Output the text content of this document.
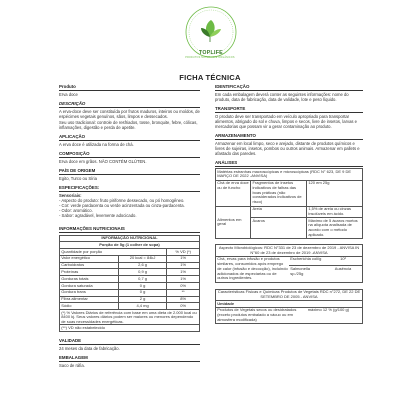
TOPLIFE
PRODUTOS NATURAIS E ORGÂNICOS
FICHA TÉCNICA
Produto
Erva doce
DESCRIÇÃO
A erva-doce deve ser constituída por frutos maduros, inteiros ou moídos, de espécimes vegetais genuínos, sãos, limpos e dessecados.
Seu uso tradicional: controle de resfriados, tosse, bronquite, febre, cólicas, inflamações, digestão e perda de apetite.
APLICAÇÃO
A erva doce é utilizada na forma de chá.
COMPOSIÇÃO
Erva doce em grãos. NÃO CONTÉM GLÚTEN.
PAÍS DE ORIGEM
Egito, Turco ou Síria
ESPECIFICAÇÕES:
Sensoriais:
- Aspecto do produto: fruto piriforme dessecado, ou pó homogêneo.
- Cor: verde pardacenta ou verde acinzentada ou cinza-pardacenta.
- Odor: aromático.
- Sabor: agradável, levemente adocicado.
INFORMAÇÕES NUTRICIONAIS
INFORMAÇÃO NUTRICIONAL		
Porção de 5g (1 colher de sopa)		
Quantidade por porção		% VD (*)
Valor energético	20 kcal = 84kJ	1%
Carboidratos	2,6 g	1%
Proteínas	0,9 g	1%
Gorduras totais	0,7 g	1%
Gordura saturada	0 g	0%
Gordura trans	0 g	**
Fibra alimentar	2 g	8%
Sódio	4,4 mg	0%
(*) % Valores Diários de referência com base em uma dieta de 2.000 kcal ou 8400 kj. Seus valores diários podem ser maiores ou menores dependendo de suas necessidades energéticas.		
(**) VD não estabelecido		
VALIDADE
24 meses da data de fabricação.
EMBALAGEM
Saco de ráfia.
IDENTIFICAÇÃO
Em cada embalagem deverá conter as seguintes informações: nome do produto, data de fabricação, data de validade, lote e peso líquido.
TRANSPORTE
O produto deve ser transportado em veículo apropriado para transportar alimentos, abrigado do sol e chuva, limpos e secos, livre de insetos, larvas e mercadorias que possam vir a gerar contaminação ao produto.
ARMAZENAMENTO
Armazenar em local limpo, seco e arejado, distante de produtos químicos e livres de sujeiras, insetos, pombos ou outros animais. Armazenar em pallets e afastado das paredes.
ANÁLISES
Matérias estranhas macroscópicas e microscópicas (RDC N° 623, DE 9 DE MARÇO DE 2022 -ANVISA)		
Chá de erva doce ou de funcho	Fragmentos de insetos indicativos de falhas das boas práticas (não considerados indicativos de risco)	120 em 25g
Alimentos em geral	Areia	1,5% de areia ou cinzas insolúveis em ácido.
	Ácaros	Máximo de 5 ácaros mortos na alíquota analisada de acordo com o método aplicado.
Aspecto Microbiológicos: RDC N°331 de 23 de dezembro de 2019 - ANVISA IN N°60 de 23 de dezembro de 2019 -ANVISA
Chá, ervas para infusão e produtos similares, consumidos após emprego de calor (infusão e decocção), incluindo adicionados de especiarias ou de outros ingredientes.	Escherichia coli/g	10²
	Salmonella sp./25g	Ausência
Características Físicas e Químicas Produtos de Vegetais RDC n°272, DE 22 DE SETEMBRO DE 2005 - ANVISA
Umidade
Produtos de Vegetais secos ou desidratados (exceto produtos embalado a vácuo ou em atmosfera modificada)	máximo 12 % (g/100 g)
